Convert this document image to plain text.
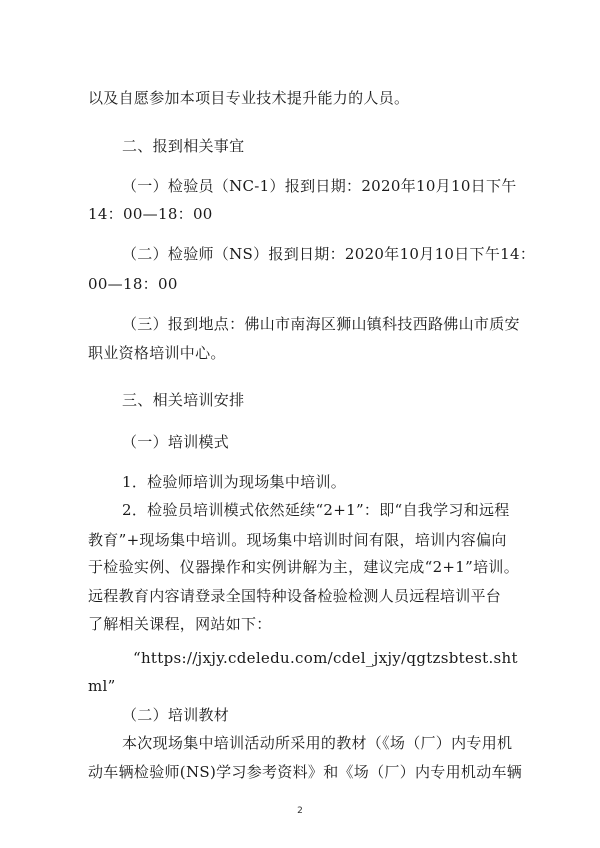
以及自愿参加本项目专业技术提升能力的人员。
二、报到相关事宜
（一）检验员（NC-1）报到日期：2020年10月10日下午
14：00—18：00
（二）检验师（NS）报到日期：2020年10月10日下午14：
00—18：00
（三）报到地点：佛山市南海区狮山镇科技西路佛山市质安
职业资格培训中心。
三、相关培训安排
（一）培训模式
1．检验师培训为现场集中培训。
2．检验员培训模式依然延续“2+1”：即“自我学习和远程
教育”+现场集中培训。现场集中培训时间有限，培训内容偏向
于检验实例、仪器操作和实例讲解为主，建议完成“2+1”培训。
远程教育内容请登录全国特种设备检验检测人员远程培训平台
了解相关课程，网站如下：
“https://jxjy.cdeledu.com/cdel_jxjy/qgtzsbtest.sht
ml”
（二）培训教材
本次现场集中培训活动所采用的教材（《场（厂）内专用机
动车辆检验师(NS)学习参考资料》和《场（厂）内专用机动车辆
2
